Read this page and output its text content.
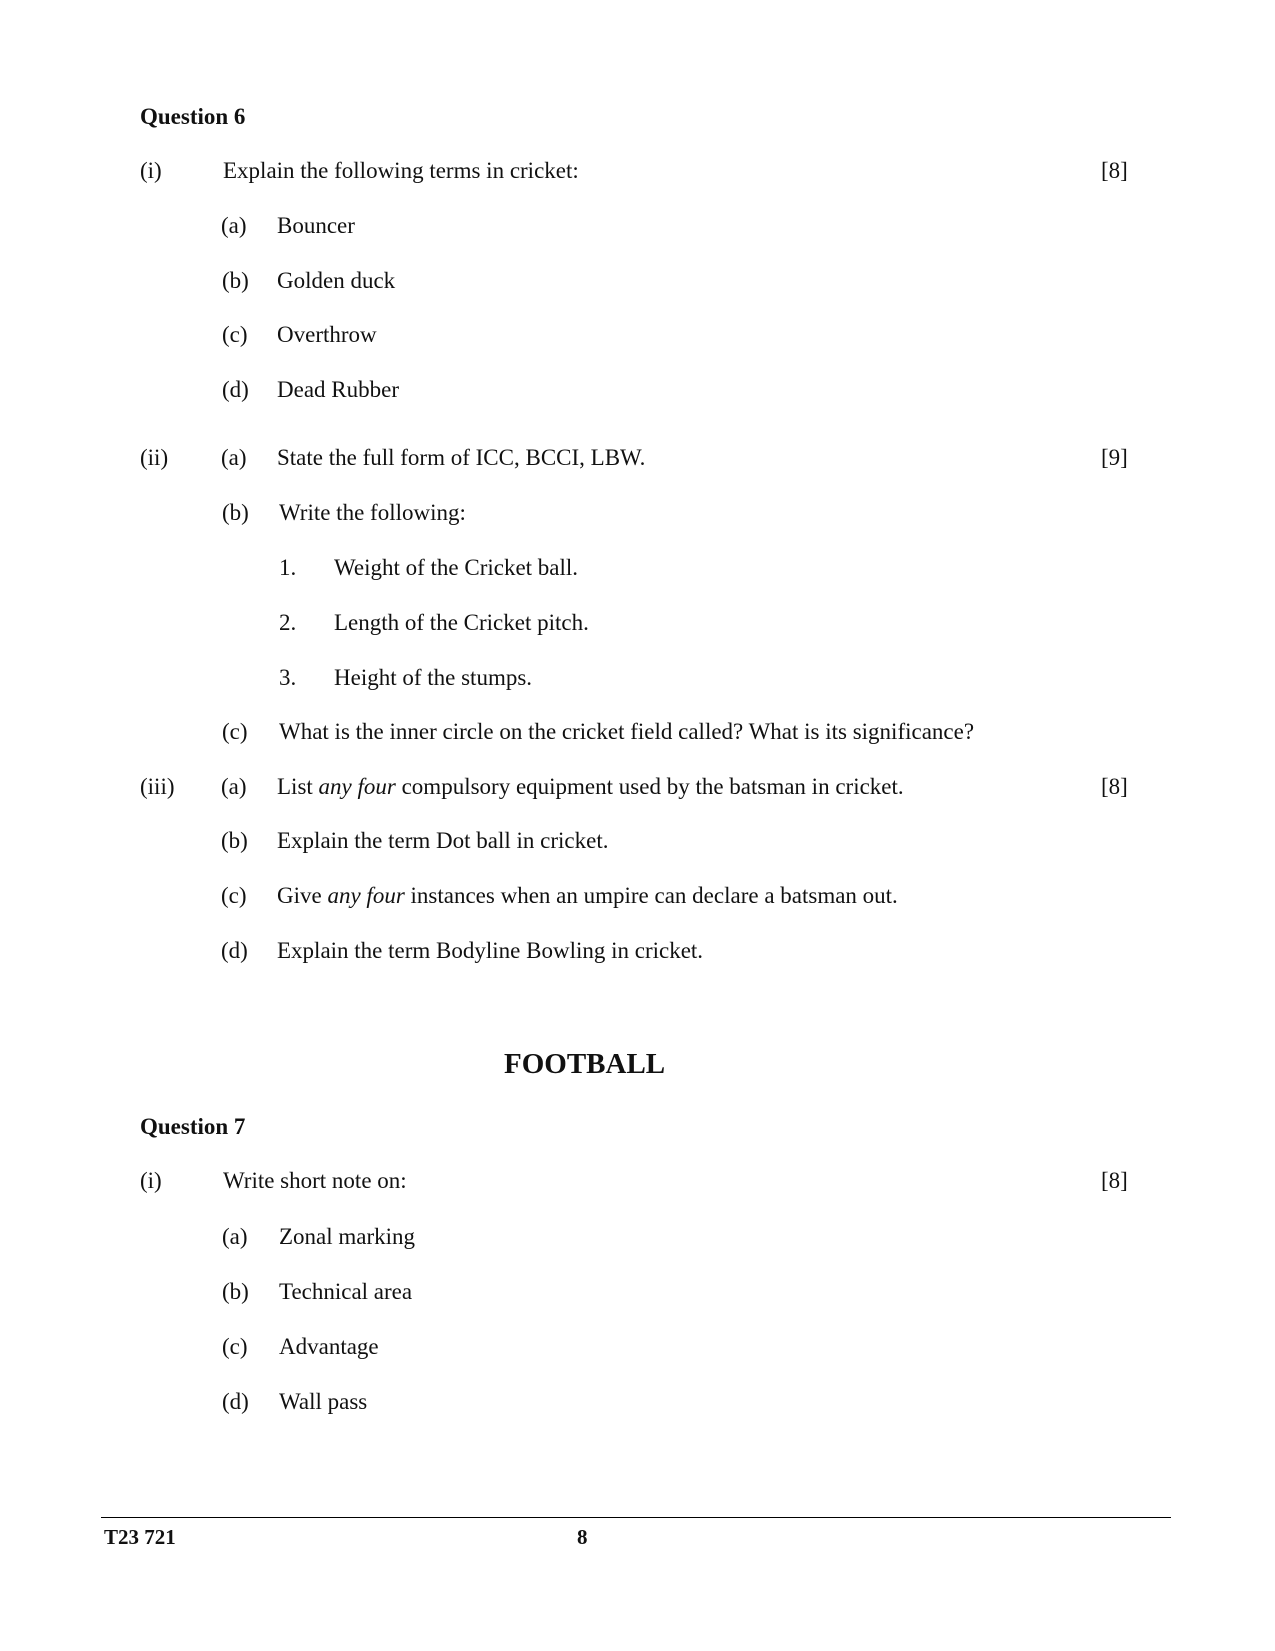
Question 6
(i)	Explain the following terms in cricket:	[8]
(a) Bouncer
(b) Golden duck
(c) Overthrow
(d) Dead Rubber
(ii) (a) State the full form of ICC, BCCI, LBW.	[9]
(b) Write the following:
1. Weight of the Cricket ball.
2. Length of the Cricket pitch.
3. Height of the stumps.
(c) What is the inner circle on the cricket field called? What is its significance?
(iii) (a) List any four compulsory equipment used by the batsman in cricket.	[8]
(b) Explain the term Dot ball in cricket.
(c) Give any four instances when an umpire can declare a batsman out.
(d) Explain the term Bodyline Bowling in cricket.
FOOTBALL
Question 7
(i)	Write short note on:	[8]
(a) Zonal marking
(b) Technical area
(c) Advantage
(d) Wall pass
T23 721	8
